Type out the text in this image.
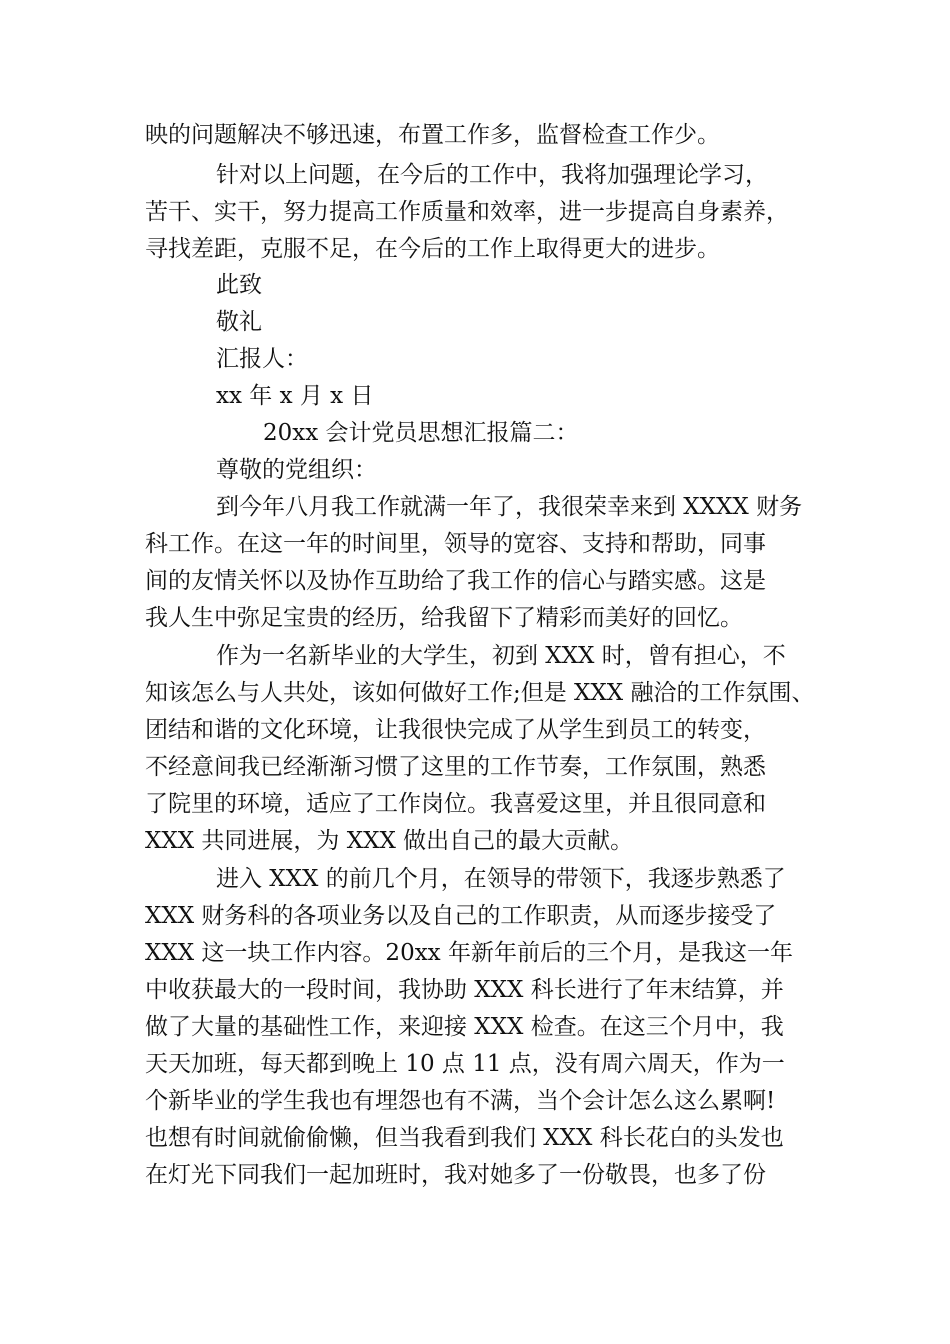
映的问题解决不够迅速，布置工作多，监督检查工作少。
针对以上问题，在今后的工作中，我将加强理论学习，
苦干、实干，努力提高工作质量和效率，进一步提高自身素养，
寻找差距，克服不足，在今后的工作上取得更大的进步。
此致
敬礼
汇报人：
xx 年 x 月 x 日
20xx 会计党员思想汇报篇二：
尊敬的党组织：
到今年八月我工作就满一年了，我很荣幸来到 XXXX 财务
科工作。在这一年的时间里，领导的宽容、支持和帮助，同事
间的友情关怀以及协作互助给了我工作的信心与踏实感。这是
我人生中弥足宝贵的经历，给我留下了精彩而美好的回忆。
作为一名新毕业的大学生，初到 XXX 时，曾有担心，不
知该怎么与人共处，该如何做好工作;但是 XXX 融洽的工作氛围、
团结和谐的文化环境，让我很快完成了从学生到员工的转变，
不经意间我已经渐渐习惯了这里的工作节奏，工作氛围，熟悉
了院里的环境，适应了工作岗位。我喜爱这里，并且很同意和
XXX 共同进展，为 XXX 做出自己的最大贡献。
进入 XXX 的前几个月，在领导的带领下，我逐步熟悉了
XXX 财务科的各项业务以及自己的工作职责，从而逐步接受了
XXX 这一块工作内容。20xx 年新年前后的三个月，是我这一年
中收获最大的一段时间，我协助 XXX 科长进行了年末结算，并
做了大量的基础性工作，来迎接 XXX 检查。在这三个月中，我
天天加班，每天都到晚上 10 点 11 点，没有周六周天，作为一
个新毕业的学生我也有埋怨也有不满，当个会计怎么这么累啊!
也想有时间就偷偷懒，但当我看到我们 XXX 科长花白的头发也
在灯光下同我们一起加班时，我对她多了一份敬畏，也多了份
